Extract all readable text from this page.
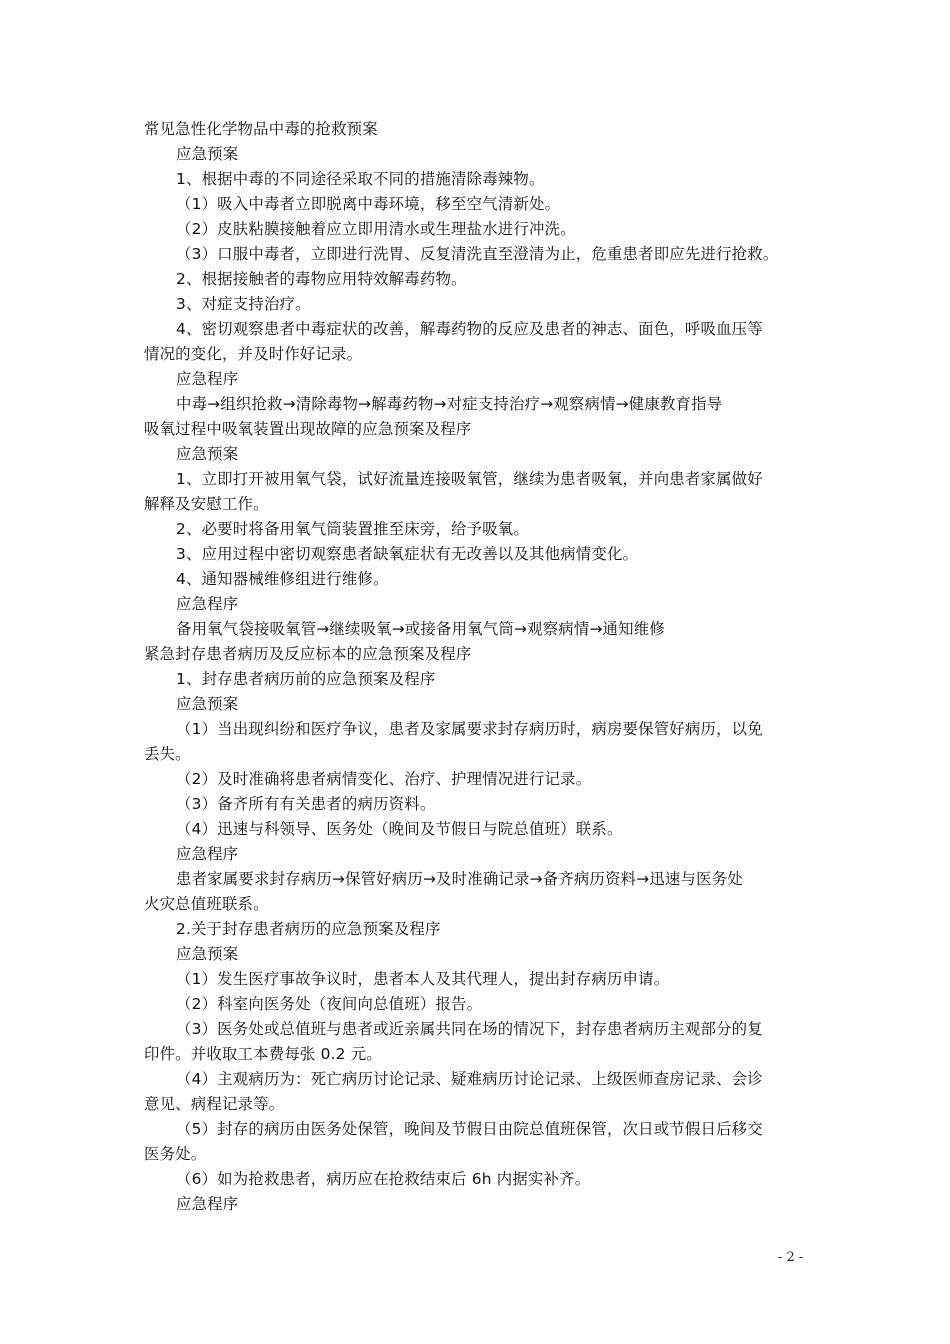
常见急性化学物品中毒的抢救预案
应急预案
1、根据中毒的不同途径采取不同的措施清除毒辣物。
（1）吸入中毒者立即脱离中毒环境，移至空气清新处。
（2）皮肤粘膜接触着应立即用清水或生理盐水进行冲洗。
（3）口服中毒者，立即进行洗胃、反复清洗直至澄清为止，危重患者即应先进行抢救。
2、根据接触者的毒物应用特效解毒药物。
3、对症支持治疗。
4、密切观察患者中毒症状的改善，解毒药物的反应及患者的神志、面色，呼吸血压等
情况的变化，并及时作好记录。
应急程序
中毒→组织抢救→清除毒物→解毒药物→对症支持治疗→观察病情→健康教育指导
吸氧过程中吸氧装置出现故障的应急预案及程序
应急预案
1、立即打开被用氧气袋，试好流量连接吸氧管，继续为患者吸氧，并向患者家属做好
解释及安慰工作。
2、必要时将备用氧气筒装置推至床旁，给予吸氧。
3、应用过程中密切观察患者缺氧症状有无改善以及其他病情变化。
4、通知器械维修组进行维修。
应急程序
备用氧气袋接吸氧管→继续吸氧→或接备用氧气筒→观察病情→通知维修
紧急封存患者病历及反应标本的应急预案及程序
1、封存患者病历前的应急预案及程序
应急预案
（1）当出现纠纷和医疗争议，患者及家属要求封存病历时，病房要保管好病历，以免
丢失。
（2）及时准确将患者病情变化、治疗、护理情况进行记录。
（3）备齐所有有关患者的病历资料。
（4）迅速与科领导、医务处（晚间及节假日与院总值班）联系。
应急程序
患者家属要求封存病历→保管好病历→及时准确记录→备齐病历资料→迅速与医务处
火灾总值班联系。
2.关于封存患者病历的应急预案及程序
应急预案
（1）发生医疗事故争议时，患者本人及其代理人，提出封存病历申请。
（2）科室向医务处（夜间向总值班）报告。
（3）医务处或总值班与患者或近亲属共同在场的情况下，封存患者病历主观部分的复
印件。并收取工本费每张 0.2 元。
（4）主观病历为：死亡病历讨论记录、疑难病历讨论记录、上级医师查房记录、会诊
意见、病程记录等。
（5）封存的病历由医务处保管，晚间及节假日由院总值班保管，次日或节假日后移交
医务处。
（6）如为抢救患者，病历应在抢救结束后 6h 内据实补齐。
应急程序
- 2 -
